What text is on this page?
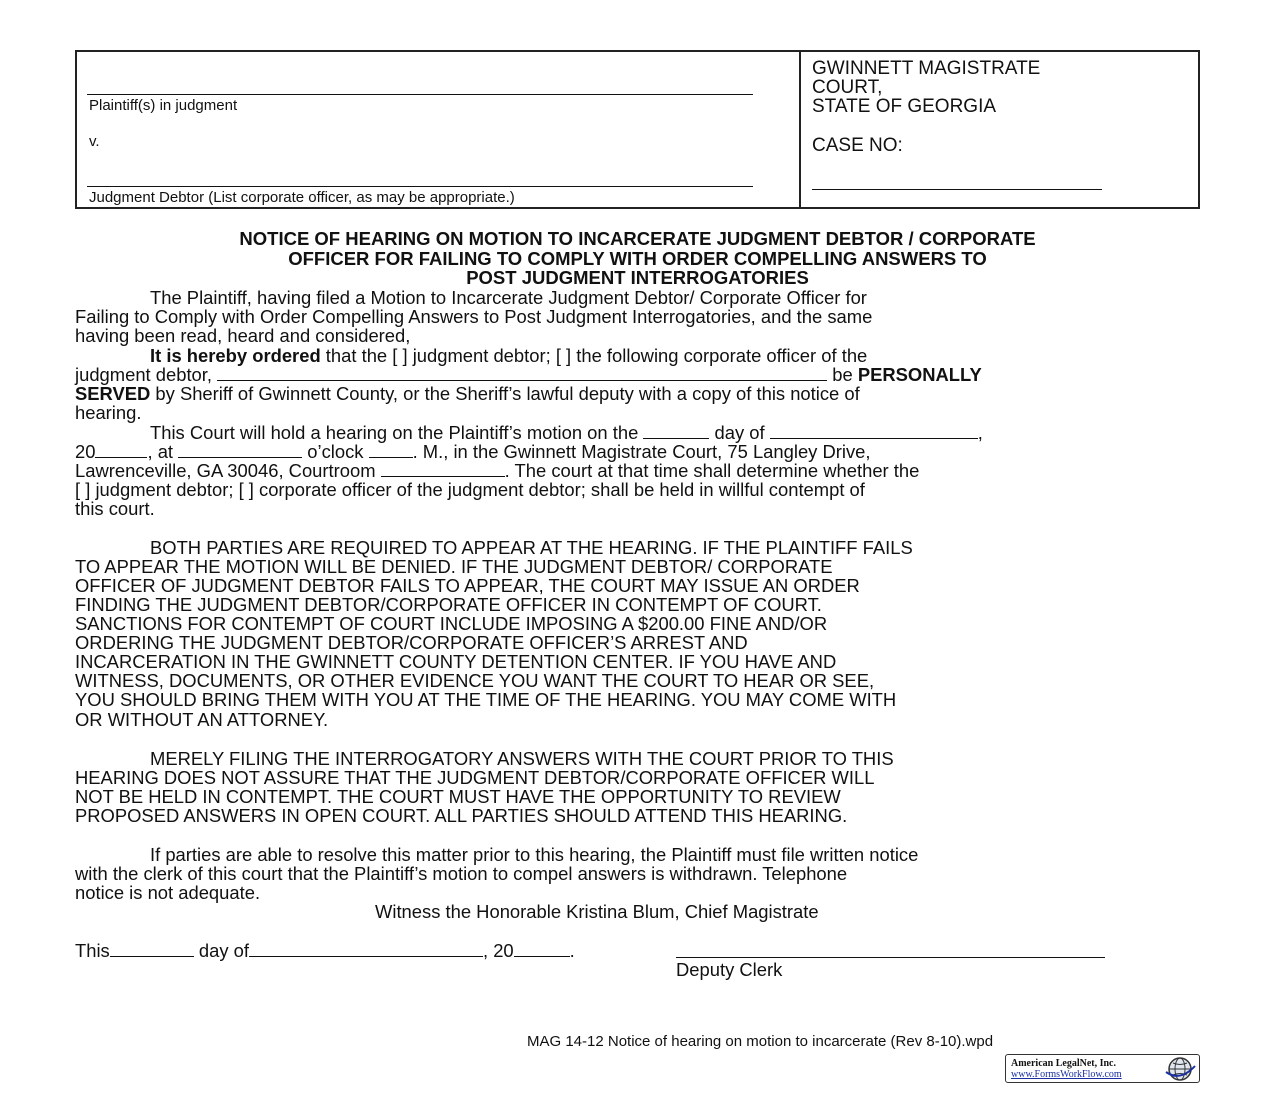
Plaintiff(s) in judgment
v.
Judgment Debtor (List corporate officer, as may be appropriate.)
GWINNETT MAGISTRATE
COURT,
STATE OF GEORGIA
CASE NO:
NOTICE OF HEARING ON MOTION TO INCARCERATE JUDGMENT DEBTOR / CORPORATE
OFFICER FOR FAILING TO COMPLY WITH ORDER COMPELLING ANSWERS TO
POST JUDGMENT INTERROGATORIES
The Plaintiff, having filed a Motion to Incarcerate Judgment Debtor/ Corporate Officer for
Failing to Comply with Order Compelling Answers to Post Judgment Interrogatories, and the same
having been read, heard and considered,
It is hereby ordered that the [ ] judgment debtor; [ ] the following corporate officer of the
judgment debtor,	be PERSONALLY
SERVED by Sheriff of Gwinnett County, or the Sheriff’s lawful deputy with a copy of this notice of
hearing.
This Court will hold a hearing on the Plaintiff’s motion on the	day of	,
20	, at	o’clock . M., in the Gwinnett Magistrate Court, 75 Langley Drive,
Lawrenceville, GA 30046, Courtroom	. The court at that time shall determine whether the
[ ] judgment debtor; [ ] corporate officer of the judgment debtor; shall be held in willful contempt of
this court.
BOTH PARTIES ARE REQUIRED TO APPEAR AT THE HEARING. IF THE PLAINTIFF FAILS
TO APPEAR THE MOTION WILL BE DENIED. IF THE JUDGMENT DEBTOR/ CORPORATE
OFFICER OF JUDGMENT DEBTOR FAILS TO APPEAR, THE COURT MAY ISSUE AN ORDER
FINDING THE JUDGMENT DEBTOR/CORPORATE OFFICER IN CONTEMPT OF COURT.
SANCTIONS FOR CONTEMPT OF COURT INCLUDE IMPOSING A $200.00 FINE AND/OR
ORDERING THE JUDGMENT DEBTOR/CORPORATE OFFICER’S ARREST AND
INCARCERATION IN THE GWINNETT COUNTY DETENTION CENTER. IF YOU HAVE AND
WITNESS, DOCUMENTS, OR OTHER EVIDENCE YOU WANT THE COURT TO HEAR OR SEE,
YOU SHOULD BRING THEM WITH YOU AT THE TIME OF THE HEARING. YOU MAY COME WITH
OR WITHOUT AN ATTORNEY.
MERELY FILING THE INTERROGATORY ANSWERS WITH THE COURT PRIOR TO THIS
HEARING DOES NOT ASSURE THAT THE JUDGMENT DEBTOR/CORPORATE OFFICER WILL
NOT BE HELD IN CONTEMPT. THE COURT MUST HAVE THE OPPORTUNITY TO REVIEW
PROPOSED ANSWERS IN OPEN COURT. ALL PARTIES SHOULD ATTEND THIS HEARING.
If parties are able to resolve this matter prior to this hearing, the Plaintiff must file written notice
with the clerk of this court that the Plaintiff’s motion to compel answers is withdrawn. Telephone
notice is not adequate.
Witness the Honorable Kristina Blum, Chief Magistrate
This	day of	, 20	.
Deputy Clerk
MAG 14-12 Notice of hearing on motion to incarcerate (Rev 8-10).wpd
American LegalNet, Inc.
www.FormsWorkFlow.com
